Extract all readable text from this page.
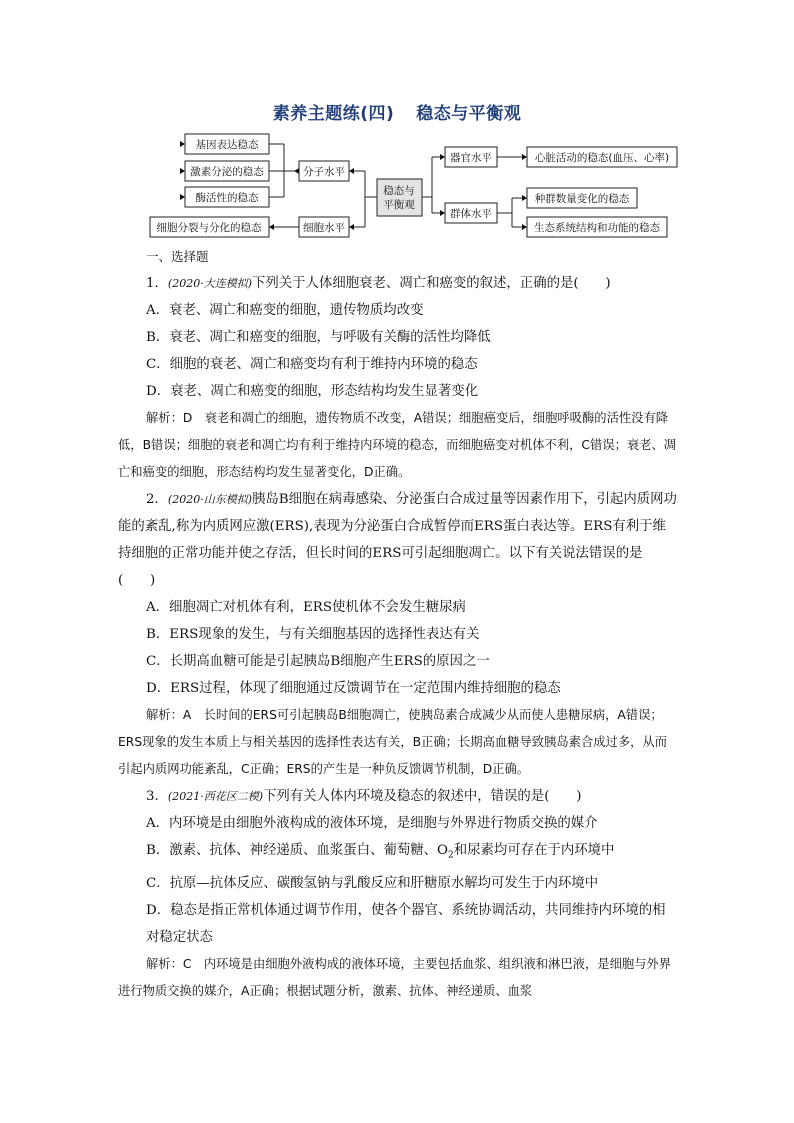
素养主题练(四) 稳态与平衡观
基因表达稳态
激素分泌的稳态
酶活性的稳态
细胞分裂与分化的稳态
分子水平
细胞水平
稳态与
平衡观
器官水平
群体水平
心脏活动的稳态(血压、心率)
种群数量变化的稳态
生态系统结构和功能的稳态

一、选择题

1．(2020·大连模拟)下列关于人体细胞衰老、凋亡和癌变的叙述，正确的是(　　)

A．衰老、凋亡和癌变的细胞，遗传物质均改变

B．衰老、凋亡和癌变的细胞，与呼吸有关酶的活性均降低

C．细胞的衰老、凋亡和癌变均有利于维持内环境的稳态

D．衰老、凋亡和癌变的细胞，形态结构均发生显著变化

解析：D　衰老和凋亡的细胞，遗传物质不改变，A错误；细胞癌变后，细胞呼吸酶的活性没有降低，B错误；细胞的衰老和凋亡均有利于维持内环境的稳态，而细胞癌变对机体不利，C错误；衰老、凋亡和癌变的细胞，形态结构均发生显著变化，D正确。

2．(2020·山东模拟)胰岛B细胞在病毒感染、分泌蛋白合成过量等因素作用下，引起内质网功能的紊乱,称为内质网应激(ERS),表现为分泌蛋白合成暂停而ERS蛋白表达等。ERS有利于维持细胞的正常功能并使之存活，但长时间的ERS可引起细胞凋亡。以下有关说法错误的是(　　)

A．细胞凋亡对机体有利，ERS使机体不会发生糖尿病

B．ERS现象的发生，与有关细胞基因的选择性表达有关

C．长期高血糖可能是引起胰岛B细胞产生ERS的原因之一

D．ERS过程，体现了细胞通过反馈调节在一定范围内维持细胞的稳态

解析：A　长时间的ERS可引起胰岛B细胞凋亡，使胰岛素合成减少从而使人患糖尿病，A错误；ERS现象的发生本质上与相关基因的选择性表达有关，B正确；长期高血糖导致胰岛素合成过多，从而引起内质网功能紊乱，C正确；ERS的产生是一种负反馈调节机制，D正确。

3．(2021·西花区二模)下列有关人体内环境及稳态的叙述中，错误的是(　　)

A．内环境是由细胞外液构成的液体环境，是细胞与外界进行物质交换的媒介

B．激素、抗体、神经递质、血浆蛋白、葡萄糖、$O_2$和尿素均可存在于内环境中

C．抗原—抗体反应、碳酸氢钠与乳酸反应和肝糖原水解均可发生于内环境中

D．稳态是指正常机体通过调节作用，使各个器官、系统协调活动，共同维持内环境的相对稳定状态

解析：C　内环境是由细胞外液构成的液体环境，主要包括血浆、组织液和淋巴液，是细胞与外界进行物质交换的媒介，A正确；根据试题分析，激素、抗体、神经递质、血浆
